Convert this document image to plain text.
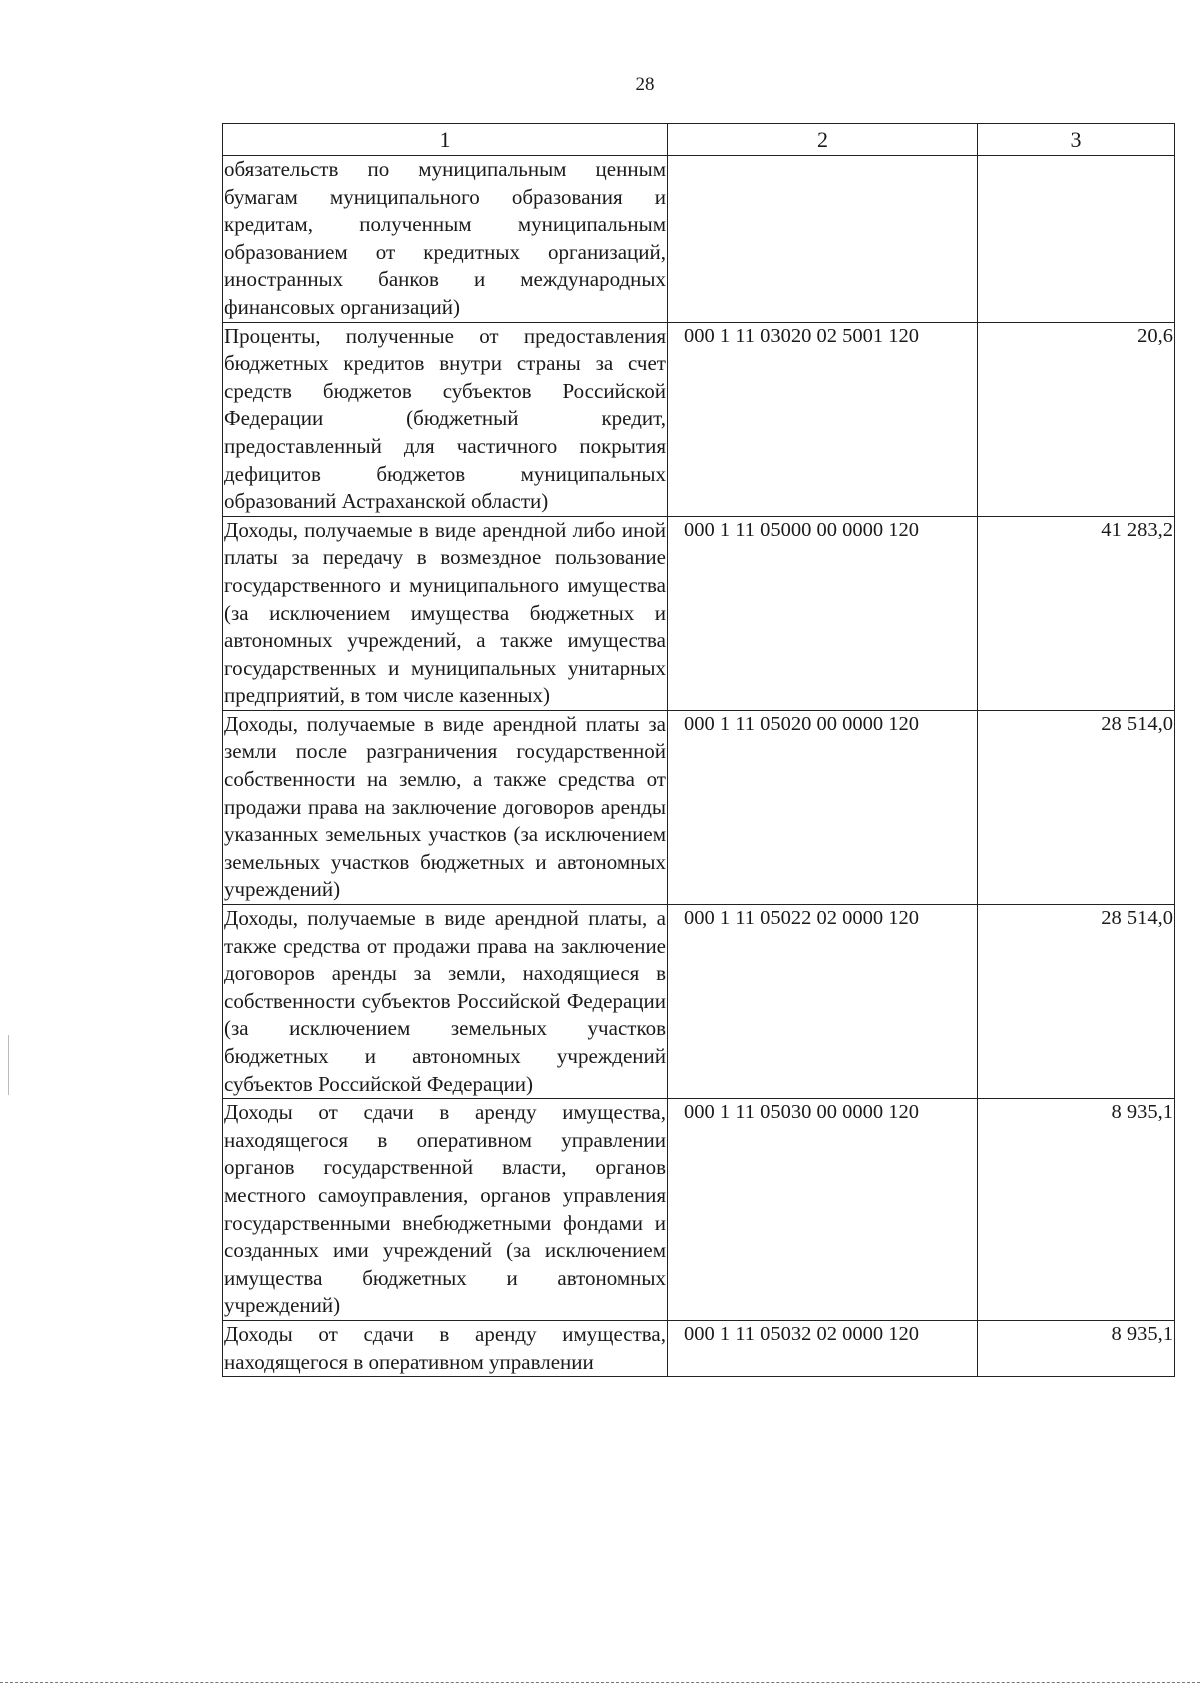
28
1	2	3

обязательств по муниципальным ценным бумагам муниципального образования и кредитам, полученным муниципальным образованием от кредитных организаций, иностранных банков и международных финансовых организаций)		

Проценты, полученные от предоставления бюджетных кредитов внутри страны за счет средств бюджетов субъектов Российской Федерации (бюджетный кредит, предоставленный для частичного покрытия дефицитов бюджетов муниципальных образований Астраханской области)	000 1 11 03020 02 5001 120	20,6

Доходы, получаемые в виде арендной либо иной платы за передачу в возмездное пользование государственного и муниципального имущества (за исключением имущества бюджетных и автономных учреждений, а также имущества государственных и муниципальных унитарных предприятий, в том числе казенных)	000 1 11 05000 00 0000 120	41 283,2

Доходы, получаемые в виде арендной платы за земли после разграничения государственной собственности на землю, а также средства от продажи права на заключение договоров аренды указанных земельных участков (за исключением земельных участков бюджетных и автономных учреждений)	000 1 11 05020 00 0000 120	28 514,0

Доходы, получаемые в виде арендной платы, а также средства от продажи права на заключение договоров аренды за земли, находящиеся в собственности субъектов Российской Федерации (за исключением земельных участков бюджетных и автономных учреждений субъектов Российской Федерации)	000 1 11 05022 02 0000 120	28 514,0

Доходы от сдачи в аренду имущества, находящегося в оперативном управлении органов государственной власти, органов местного самоуправления, органов управления государственными внебюджетными фондами и созданных ими учреждений (за исключением имущества бюджетных и автономных учреждений)	000 1 11 05030 00 0000 120	8 935,1

Доходы от сдачи в аренду имущества, находящегося в оперативном управлении	000 1 11 05032 02 0000 120	8 935,1
